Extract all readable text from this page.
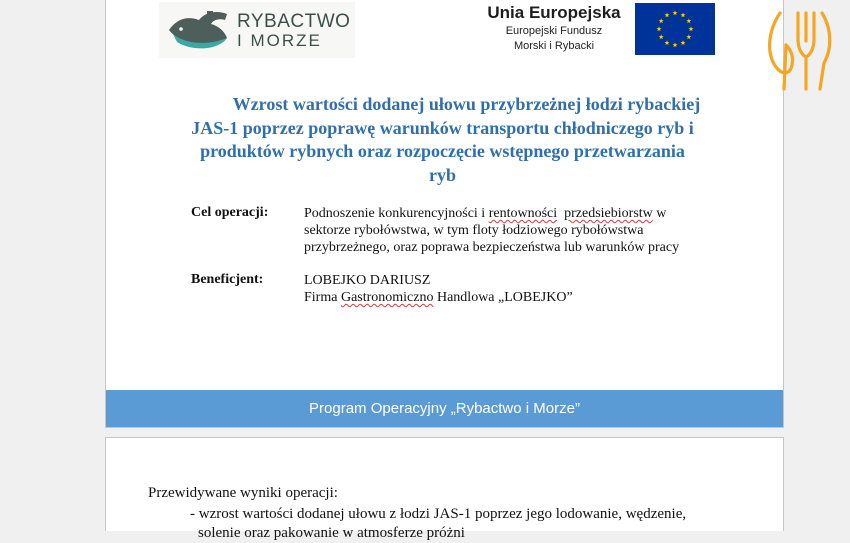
RYBACTWO
I MORZE
Unia Europejska
Europejski Fundusz
Morski i Rybacki
Wzrost wartości dodanej ułowu przybrzeżnej łodzi rybackiej
JAS-1 poprzez poprawę warunków transportu chłodniczego ryb i
produktów rybnych oraz rozpoczęcie wstępnego przetwarzania
ryb
Cel operacji:	Podnoszenie konkurencyjności i rentowności przedsiebiorstw w
sektorze rybołówstwa, w tym floty łodziowego rybołówstwa
przybrzeżnego, oraz poprawa bezpieczeństwa lub warunków pracy
Beneficjent:	LOBEJKO DARIUSZ
Firma Gastronomiczno Handlowa „LOBEJKO”
Program Operacyjny „Rybactwo i Morze”
Przewidywane wyniki operacji:
- wzrost wartości dodanej ułowu z łodzi JAS-1 poprzez jego lodowanie, wędzenie,
solenie oraz pakowanie w atmosferze próżni
